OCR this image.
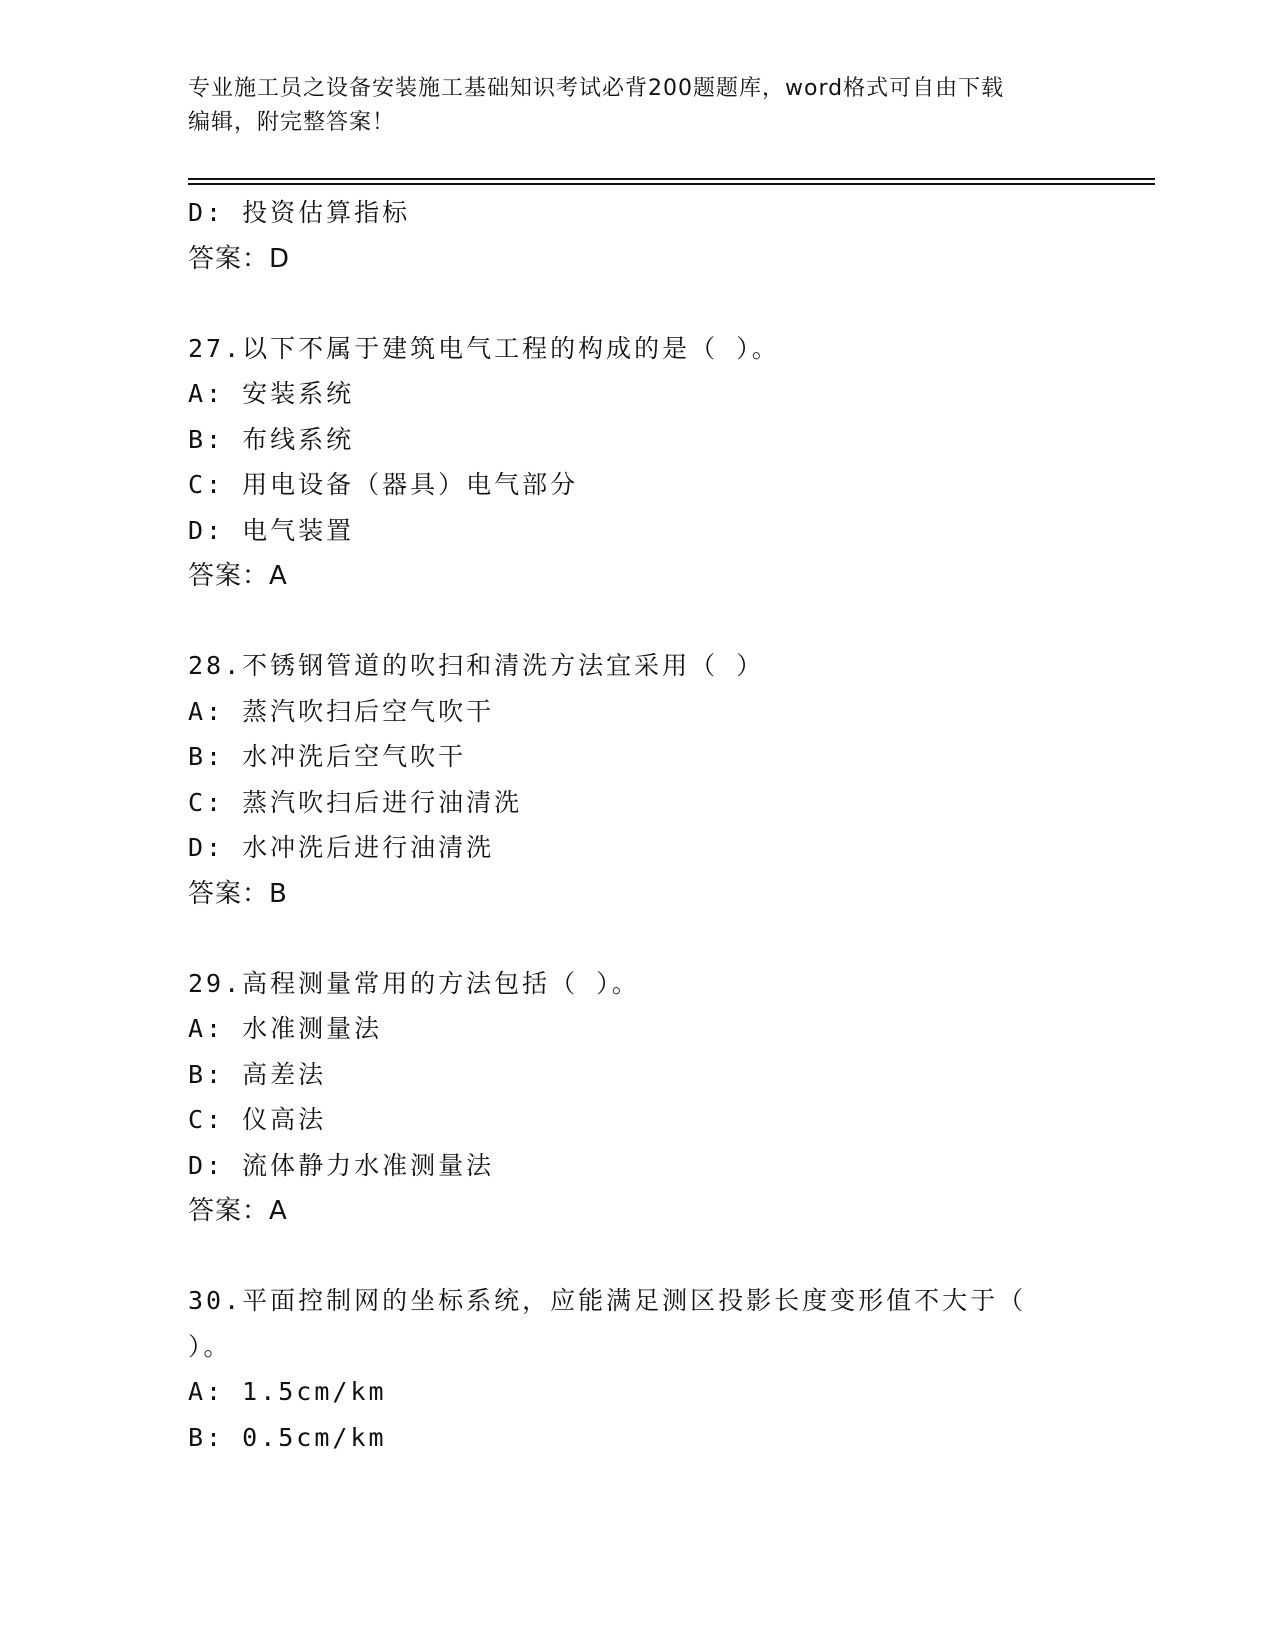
专业施工员之设备安装施工基础知识考试必背200题题库，word格式可自由下载
编辑，附完整答案！
D: 投资估算指标
答案：D
27.以下不属于建筑电气工程的构成的是（ ）。
A: 安装系统
B: 布线系统
C: 用电设备（器具）电气部分
D: 电气装置
答案：A
28.不锈钢管道的吹扫和清洗方法宜采用（ ）
A: 蒸汽吹扫后空气吹干
B: 水冲洗后空气吹干
C: 蒸汽吹扫后进行油清洗
D: 水冲洗后进行油清洗
答案：B
29.高程测量常用的方法包括（ ）。
A: 水准测量法
B: 高差法
C: 仪高法
D: 流体静力水准测量法
答案：A
30.平面控制网的坐标系统，应能满足测区投影长度变形值不大于（
）。
A: 1.5cm/km
B: 0.5cm/km
